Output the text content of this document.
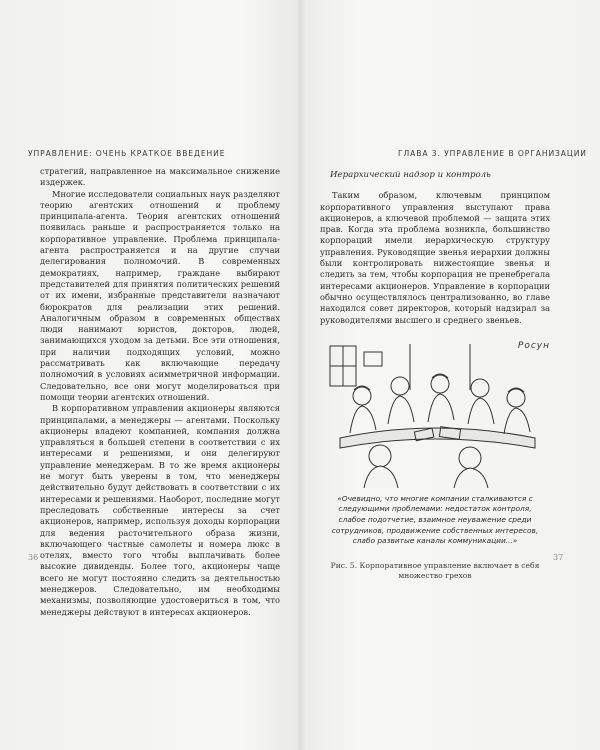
УПРАВЛЕНИЕ: ОЧЕНЬ КРАТКОЕ ВВЕДЕНИЕ	ГЛАВА 3. УПРАВЛЕНИЕ В ОРГАНИЗАЦИИ

стратегий, направленное на максимальное снижение издержек.

Многие исследователи социальных наук разделяют теорию агентских отношений и проблему принципала-агента. Теория агентских отношений появилась раньше и распространяется только на корпоративное управление. Проблема принципала-агента распространяется и на другие случаи делегирования полномочий. В современных демократиях, например, граждане выбирают представителей для принятия политических решений от их имени, избранные представители назначают бюрократов для реализации этих решений. Аналогичным образом в современных обществах люди нанимают юристов, докторов, людей, занимающихся уходом за детьми. Все эти отношения, при наличии подходящих условий, можно рассматривать как включающие передачу полномочий в условиях асимметричной информации. Следовательно, все они могут моделироваться при помощи теории агентских отношений.

В корпоративном управлении акционеры являются принципалами, а менеджеры — агентами. Поскольку акционеры владеют компанией, компания должна управляться в большей степени в соответствии с их интересами и решениями, и они делегируют управление менеджерам. В то же время акционеры не могут быть уверены в том, что менеджеры действительно будут действовать в соответствии с их интересами и решениями. Наоборот, последние могут преследовать собственные интересы за счет акционеров, например, используя доходы корпорации для ведения расточительного образа жизни, включающего частные самолеты и номера люкс в отелях, вместо того чтобы выплачивать более высокие дивиденды. Более того, акционеры чаще всего не могут постоянно следить за деятельностью менеджеров. Следовательно, им необходимы механизмы, позволяющие удостовериться в том, что менеджеры действуют в интересах акционеров.

Иерархический надзор и контроль

Таким образом, ключевым принципом корпоративного управления выступают права акционеров, а ключевой проблемой — защита этих прав. Когда эта проблема возникла, большинство корпораций имели иерархическую структуру управления. Руководящие звенья иерархии должны были контролировать нижестоящие звенья и следить за тем, чтобы корпорация не пренебрегала интересами акционеров. Управление в корпорации обычно осуществлялось централизованно, во главе находился совет директоров, который надзирал за руководителями высшего и среднего звеньев.

Росун
«Очевидно, что многие компании сталкиваются с следующими проблемами: недостаток контроля, слабое подотчетие, взаимное неуважение среди сотрудников, продвижение собственных интересов, слабо развитые каналы коммуникации...»
Рис. 5. Корпоративное управление включает в себя множество грехов
36	37
